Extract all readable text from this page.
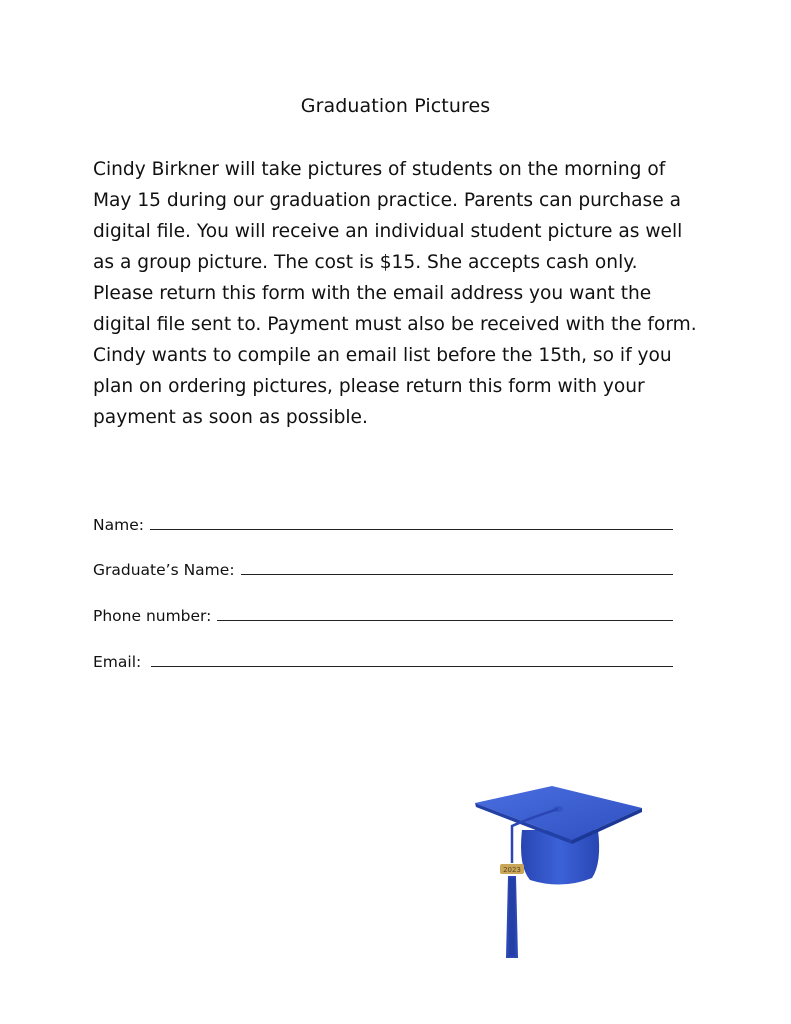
Graduation Pictures

Cindy Birkner will take pictures of students on the morning of May 15 during our graduation practice. Parents can purchase a digital file. You will receive an individual student picture as well as a group picture. The cost is $15. She accepts cash only. Please return this form with the email address you want the digital file sent to. Payment must also be received with the form. Cindy wants to compile an email list before the 15th, so if you plan on ordering pictures, please return this form with your payment as soon as possible.

Name:
Graduate’s Name:
Phone number:
Email:
2023
